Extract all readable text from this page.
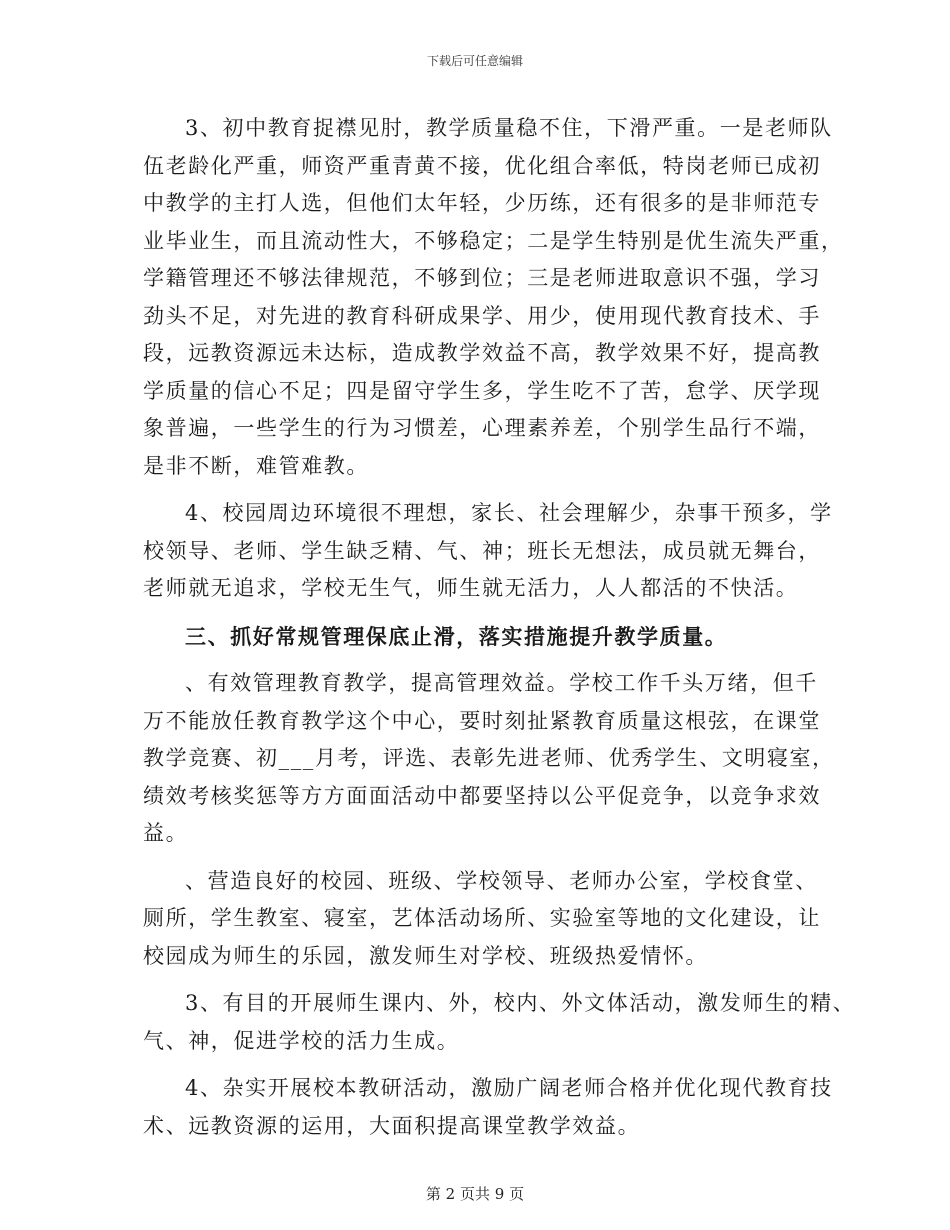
下载后可任意编辑
3、初中教育捉襟见肘，教学质量稳不住，下滑严重。一是老师队
伍老龄化严重，师资严重青黄不接，优化组合率低，特岗老师已成初
中教学的主打人选，但他们太年轻，少历练，还有很多的是非师范专
业毕业生，而且流动性大，不够稳定；二是学生特别是优生流失严重，
学籍管理还不够法律规范，不够到位；三是老师进取意识不强，学习
劲头不足，对先进的教育科研成果学、用少，使用现代教育技术、手
段，远教资源远未达标，造成教学效益不高，教学效果不好，提高教
学质量的信心不足；四是留守学生多，学生吃不了苦，怠学、厌学现
象普遍，一些学生的行为习惯差，心理素养差，个别学生品行不端，
是非不断，难管难教。
4、校园周边环境很不理想，家长、社会理解少，杂事干预多，学
校领导、老师、学生缺乏精、气、神；班长无想法，成员就无舞台，
老师就无追求，学校无生气，师生就无活力，人人都活的不快活。
三、抓好常规管理保底止滑，落实措施提升教学质量。
、有效管理教育教学，提高管理效益。学校工作千头万绪，但千
万不能放任教育教学这个中心，要时刻扯紧教育质量这根弦，在课堂
教学竞赛、初___月考，评选、表彰先进老师、优秀学生、文明寝室，
绩效考核奖惩等方方面面活动中都要坚持以公平促竞争，以竞争求效
益。
、营造良好的校园、班级、学校领导、老师办公室，学校食堂、
厕所，学生教室、寝室，艺体活动场所、实验室等地的文化建设，让
校园成为师生的乐园，激发师生对学校、班级热爱情怀。
3、有目的开展师生课内、外，校内、外文体活动，激发师生的精、
气、神，促进学校的活力生成。
4、杂实开展校本教研活动，激励广阔老师合格并优化现代教育技
术、远教资源的运用，大面积提高课堂教学效益。
第 2 页共 9 页
